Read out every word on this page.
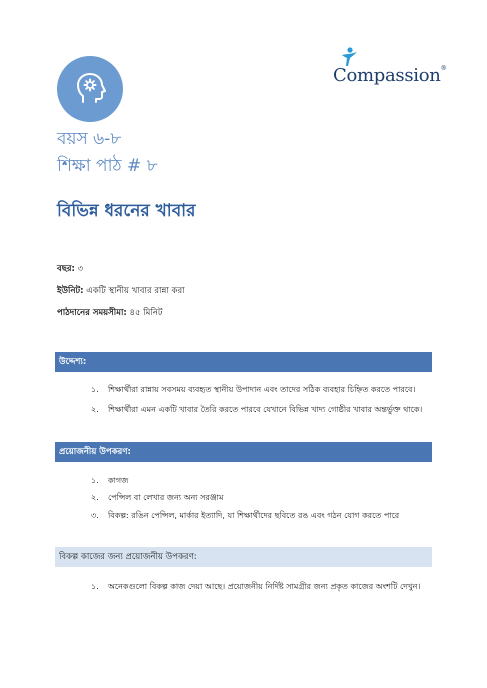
Compassion®
বয়স ৬-৮
শিক্ষা পাঠ # ৮
বিভিন্ন ধরনের খাবার
বছর: ৩
ইউনিট: একটি স্থানীয় খাবার রান্না করা
পাঠদানের সময়সীমা: ৪৫ মিনিট
উদ্দেশ্য:
১.	শিক্ষার্থীরা রান্নায় সবসময় ব্যবহৃত স্থানীয় উপাদান এবং তাদের সঠিক ব্যবহার চিহ্নিত করতে পারবে।
২.	শিক্ষার্থীরা এমন একটি খাবার তৈরি করতে পারবে যেখানে বিভিন্ন খাদ্য গোষ্ঠীর খাবার অন্তর্ভুক্ত থাকে।
প্রয়োজনীয় উপকরণ:
১.	কাগজ
২.	পেন্সিল বা লেখার জন্য অন্য সরঞ্জাম
৩.	বিকল্প: রঙিন পেন্সিল, মার্কার ইত্যাদি, যা শিক্ষার্থীদের ছবিতে রঙ এবং গঠন যোগ করতে পারে
বিকল্প কাজের জন্য প্রয়োজনীয় উপকরণ:
১.	অনেকগুলো বিকল্প কাজ দেয়া আছে। প্রয়োজনীয় নির্দিষ্ট সামগ্রীর জন্য প্রকৃত কাজের অংশটি দেখুন।
